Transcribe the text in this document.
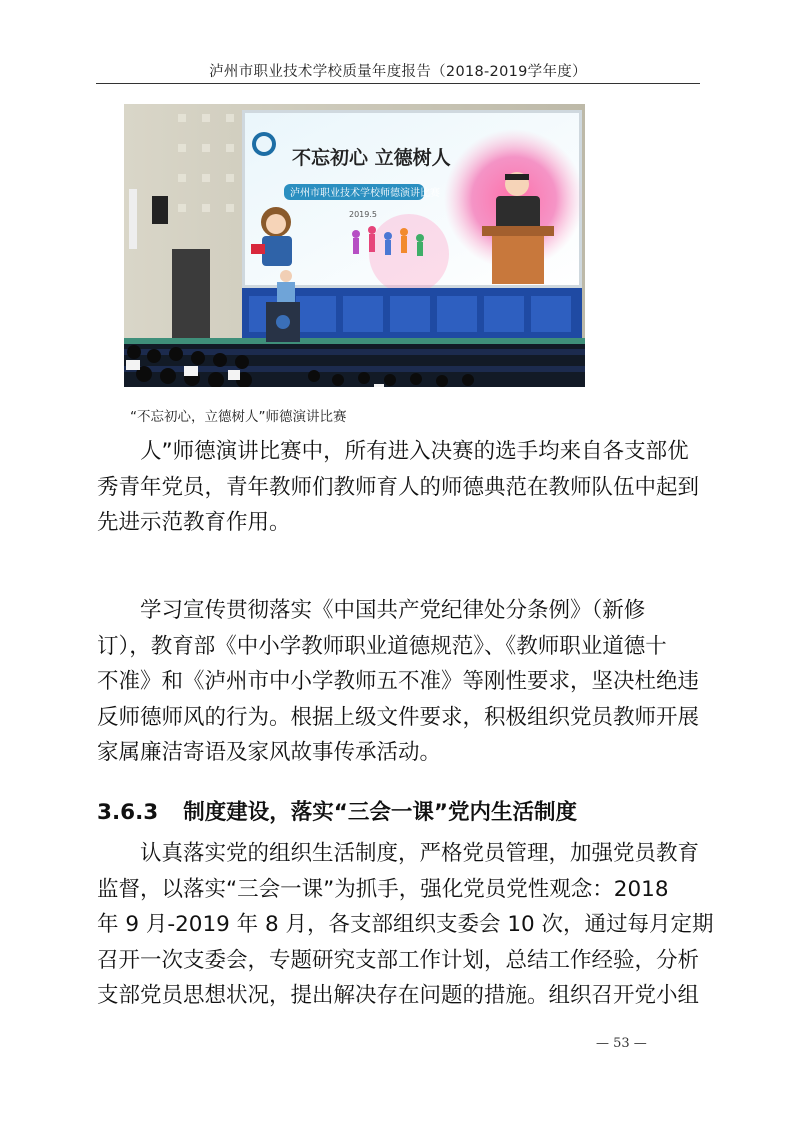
泸州市职业技术学校质量年度报告（2018-2019学年度）
不忘初心 立德树人
泸州市职业技术学校师德演讲比赛
2019.5
“不忘初心，立德树人”师德演讲比赛

人”师德演讲比赛中，所有进入决赛的选手均来自各支部优
秀青年党员，青年教师们教师育人的师德典范在教师队伍中起到
先进示范教育作用。

学习宣传贯彻落实《中国共产党纪律处分条例》（新修
订），教育部《中小学教师职业道德规范》、《教师职业道德十
不准》和《泸州市中小学教师五不准》等刚性要求，坚决杜绝违
反师德师风的行为。根据上级文件要求，积极组织党员教师开展
家属廉洁寄语及家风故事传承活动。

3.6.3 制度建设，落实“三会一课”党内生活制度

认真落实党的组织生活制度，严格党员管理，加强党员教育
监督，以落实“三会一课”为抓手，强化党员党性观念：2018
年 9 月-2019 年 8 月，各支部组织支委会 10 次，通过每月定期
召开一次支委会，专题研究支部工作计划，总结工作经验，分析
支部党员思想状况，提出解决存在问题的措施。组织召开党小组

— 53 —
